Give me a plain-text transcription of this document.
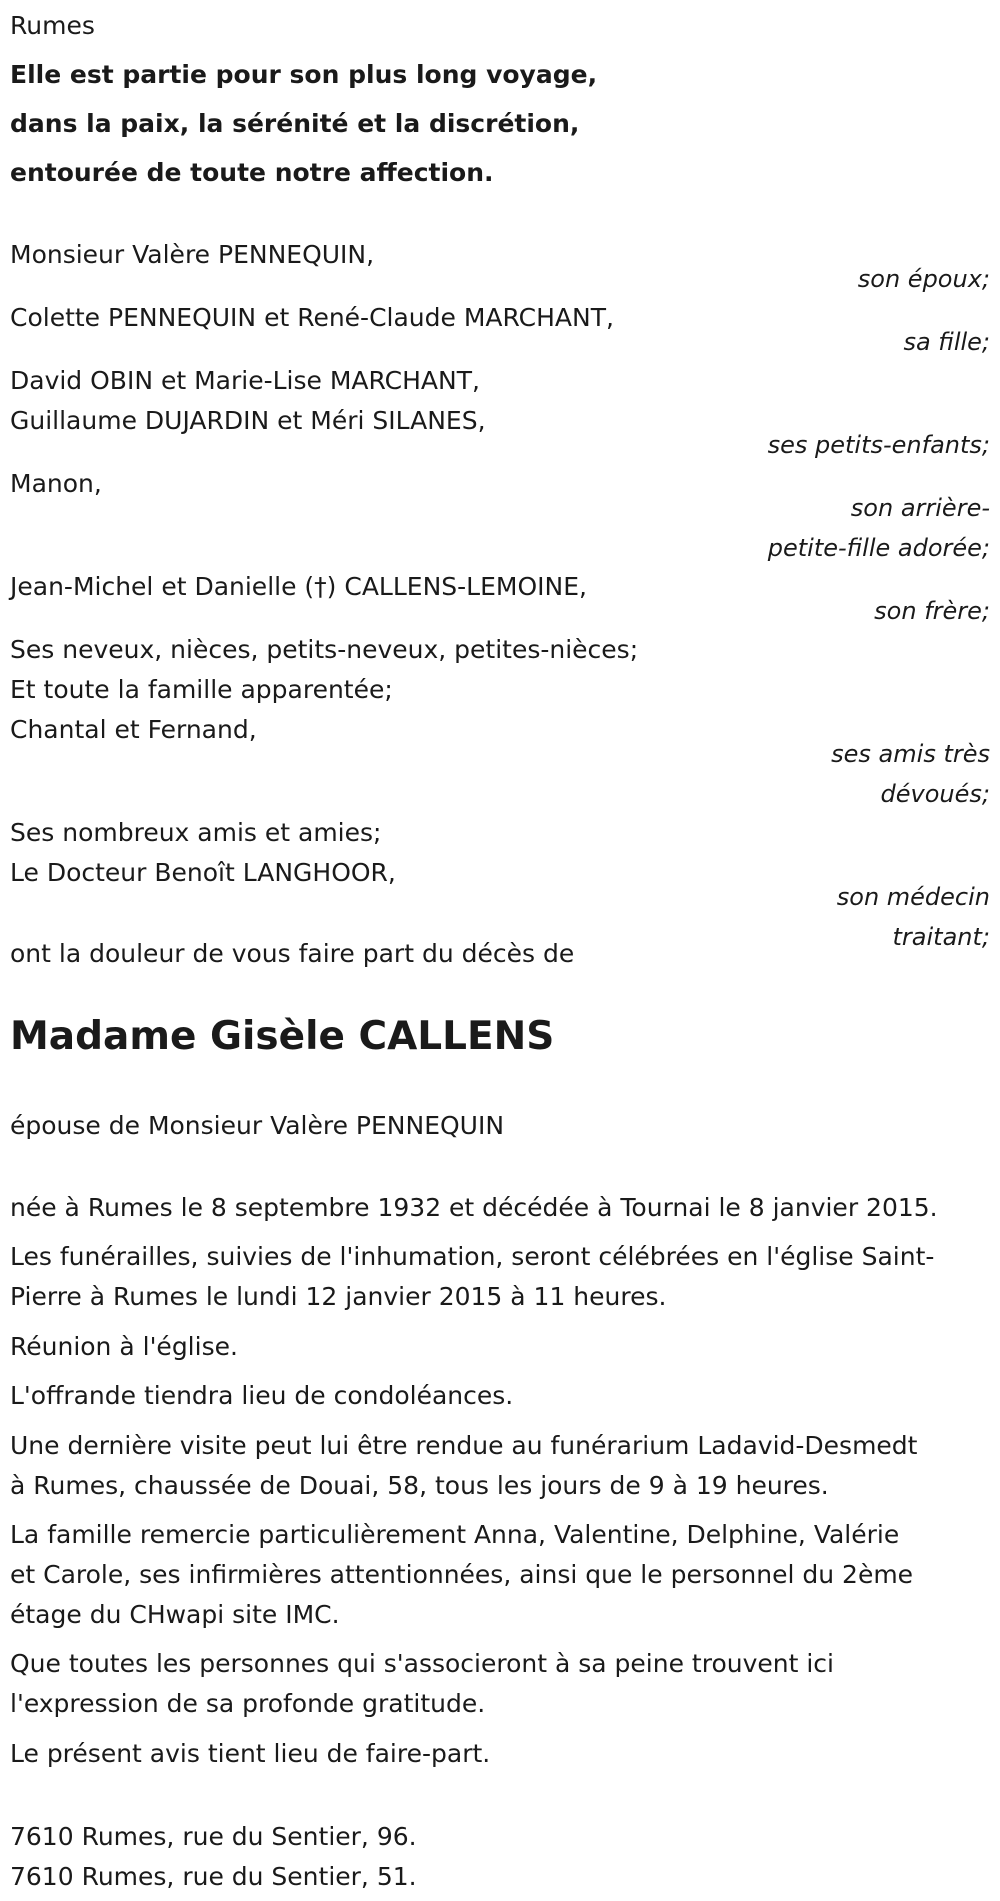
Rumes

Elle est partie pour son plus long voyage,

dans la paix, la sérénité et la discrétion,

entourée de toute notre affection.

Monsieur Valère PENNEQUIN,

son époux;

Colette PENNEQUIN et René-Claude MARCHANT,

sa fille;

David OBIN et Marie-Lise MARCHANT,

Guillaume DUJARDIN et Méri SILANES,

ses petits-enfants;

Manon,

son arrière-

petite-fille adorée;

Jean-Michel et Danielle (†) CALLENS-LEMOINE,

son frère;

Ses neveux, nièces, petits-neveux, petites-nièces;

Et toute la famille apparentée;

Chantal et Fernand,

ses amis très

dévoués;

Ses nombreux amis et amies;

Le Docteur Benoît LANGHOOR,

son médecin

traitant;

ont la douleur de vous faire part du décès de

Madame Gisèle CALLENS

épouse de Monsieur Valère PENNEQUIN

née à Rumes le 8 septembre 1932 et décédée à Tournai le 8 janvier 2015.

Les funérailles, suivies de l'inhumation, seront célébrées en l'église Saint-

Pierre à Rumes le lundi 12 janvier 2015 à 11 heures.

Réunion à l'église.

L'offrande tiendra lieu de condoléances.

Une dernière visite peut lui être rendue au funérarium Ladavid-Desmedt

à Rumes, chaussée de Douai, 58, tous les jours de 9 à 19 heures.

La famille remercie particulièrement Anna, Valentine, Delphine, Valérie

et Carole, ses infirmières attentionnées, ainsi que le personnel du 2ème

étage du CHwapi site IMC.

Que toutes les personnes qui s'associeront à sa peine trouvent ici

l'expression de sa profonde gratitude.

Le présent avis tient lieu de faire-part.

7610 Rumes, rue du Sentier, 96.

7610 Rumes, rue du Sentier, 51.
